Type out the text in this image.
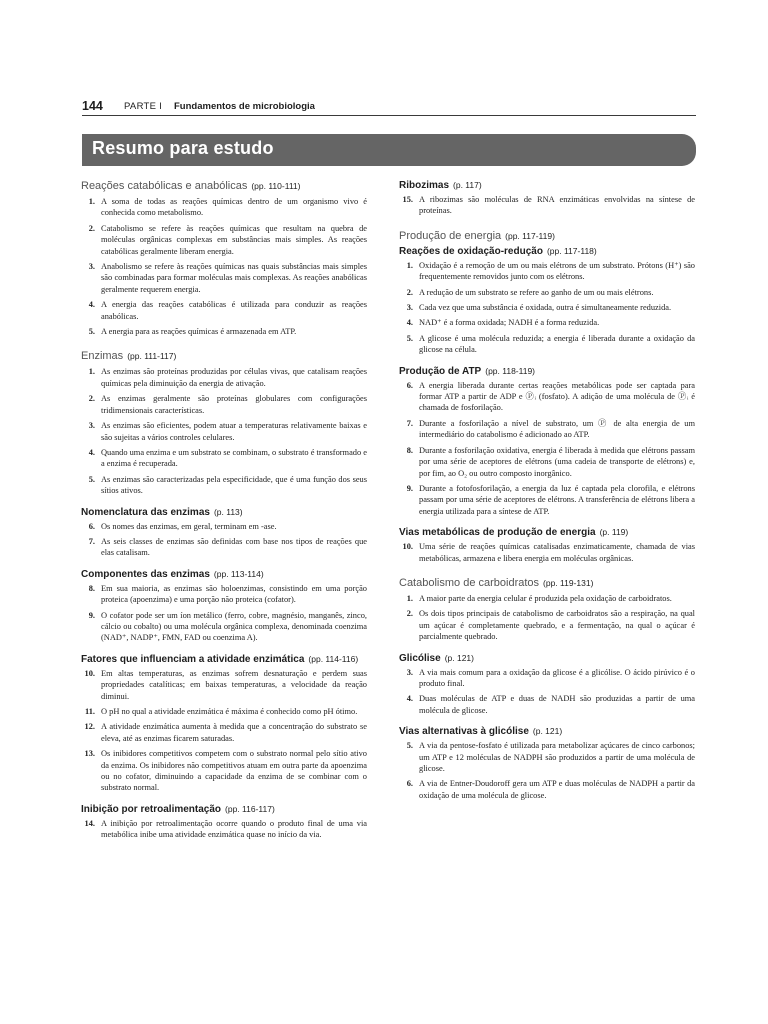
144 PARTE I Fundamentos de microbiologia
Resumo para estudo
Reações catabólicas e anabólicas (pp. 110-111)
1. A soma de todas as reações químicas dentro de um organismo vivo é conhecida como metabolismo.
2. Catabolismo se refere às reações químicas que resultam na quebra de moléculas orgânicas complexas em substâncias mais simples. As reações catabólicas geralmente liberam energia.
3. Anabolismo se refere às reações químicas nas quais substâncias mais simples são combinadas para formar moléculas mais complexas. As reações anabólicas geralmente requerem energia.
4. A energia das reações catabólicas é utilizada para conduzir as reações anabólicas.
5. A energia para as reações químicas é armazenada em ATP.
Enzimas (pp. 111-117)
1. As enzimas são proteínas produzidas por células vivas, que catalisam reações químicas pela diminuição da energia de ativação.
2. As enzimas geralmente são proteínas globulares com configurações tridimensionais características.
3. As enzimas são eficientes, podem atuar a temperaturas relativamente baixas e são sujeitas a vários controles celulares.
4. Quando uma enzima e um substrato se combinam, o substrato é transformado e a enzima é recuperada.
5. As enzimas são caracterizadas pela especificidade, que é uma função dos seus sítios ativos.
Nomenclatura das enzimas (p. 113)
6. Os nomes das enzimas, em geral, terminam em -ase.
7. As seis classes de enzimas são definidas com base nos tipos de reações que elas catalisam.
Componentes das enzimas (pp. 113-114)
8. Em sua maioria, as enzimas são holoenzimas, consistindo em uma porção proteica (apoenzima) e uma porção não proteica (cofator).
9. O cofator pode ser um íon metálico (ferro, cobre, magnésio, manganês, zinco, cálcio ou cobalto) ou uma molécula orgânica complexa, denominada coenzima (NAD⁺, NADP⁺, FMN, FAD ou coenzima A).
Fatores que influenciam a atividade enzimática (pp. 114-116)
10. Em altas temperaturas, as enzimas sofrem desnaturação e perdem suas propriedades catalíticas; em baixas temperaturas, a velocidade da reação diminui.
11. O pH no qual a atividade enzimática é máxima é conhecido como pH ótimo.
12. A atividade enzimática aumenta à medida que a concentração do substrato se eleva, até as enzimas ficarem saturadas.
13. Os inibidores competitivos competem com o substrato normal pelo sítio ativo da enzima. Os inibidores não competitivos atuam em outra parte da apoenzima ou no cofator, diminuindo a capacidade da enzima de se combinar com o substrato normal.
Inibição por retroalimentação (pp. 116-117)
14. A inibição por retroalimentação ocorre quando o produto final de uma via metabólica inibe uma atividade enzimática quase no início da via.
Ribozimas (p. 117)
15. A ribozimas são moléculas de RNA enzimáticas envolvidas na síntese de proteínas.
Produção de energia (pp. 117-119)
Reações de oxidação-redução (pp. 117-118)
1. Oxidação é a remoção de um ou mais elétrons de um substrato. Prótons (H⁺) são frequentemente removidos junto com os elétrons.
2. A redução de um substrato se refere ao ganho de um ou mais elétrons.
3. Cada vez que uma substância é oxidada, outra é simultaneamente reduzida.
4. NAD⁺ é a forma oxidada; NADH é a forma reduzida.
5. A glicose é uma molécula reduzida; a energia é liberada durante a oxidação da glicose na célula.
Produção de ATP (pp. 118-119)
6. A energia liberada durante certas reações metabólicas pode ser captada para formar ATP a partir de ADP e Ⓟᵢ (fosfato). A adição de uma molécula de Ⓟᵢ é chamada de fosforilação.
7. Durante a fosforilação a nível de substrato, um Ⓟ de alta energia de um intermediário do catabolismo é adicionado ao ATP.
8. Durante a fosforilação oxidativa, energia é liberada à medida que elétrons passam por uma série de aceptores de elétrons (uma cadeia de transporte de elétrons) e, por fim, ao O₂ ou outro composto inorgânico.
9. Durante a fotofosforilação, a energia da luz é captada pela clorofila, e elétrons passam por uma série de aceptores de elétrons. A transferência de elétrons libera a energia utilizada para a síntese de ATP.
Vias metabólicas de produção de energia (p. 119)
10. Uma série de reações químicas catalisadas enzimaticamente, chamada de vias metabólicas, armazena e libera energia em moléculas orgânicas.
Catabolismo de carboidratos (pp. 119-131)
1. A maior parte da energia celular é produzida pela oxidação de carboidratos.
2. Os dois tipos principais de catabolismo de carboidratos são a respiração, na qual um açúcar é completamente quebrado, e a fermentação, na qual o açúcar é parcialmente quebrado.
Glicólise (p. 121)
3. A via mais comum para a oxidação da glicose é a glicólise. O ácido pirúvico é o produto final.
4. Duas moléculas de ATP e duas de NADH são produzidas a partir de uma molécula de glicose.
Vias alternativas à glicólise (p. 121)
5. A via da pentose-fosfato é utilizada para metabolizar açúcares de cinco carbonos; um ATP e 12 moléculas de NADPH são produzidos a partir de uma molécula de glicose.
6. A via de Entner-Doudoroff gera um ATP e duas moléculas de NADPH a partir da oxidação de uma molécula de glicose.
